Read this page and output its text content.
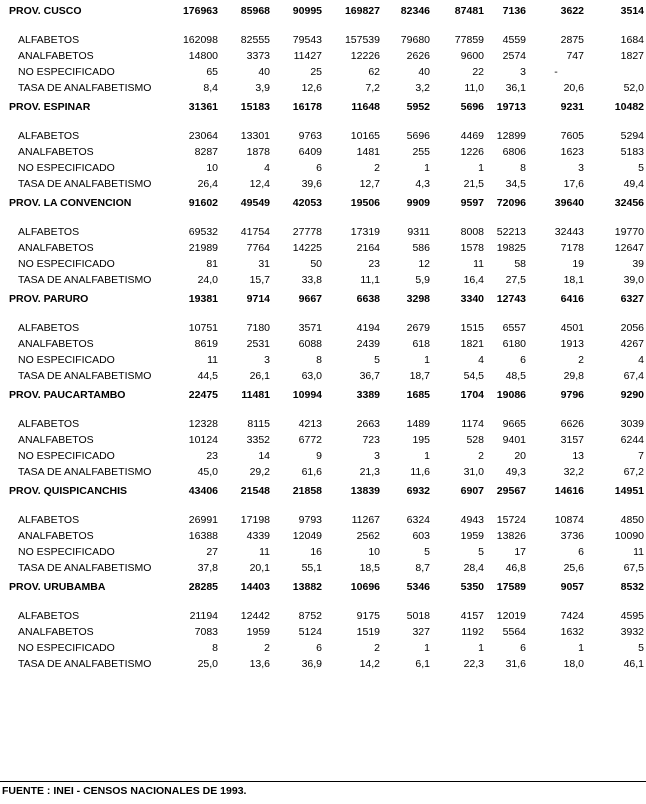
PROV. CUSCO	176963	85968	90995	169827	82346	87481	7136	3622	3514

ALFABETOS	162098	82555	79543	157539	79680	77859	4559	2875	1684
ANALFABETOS	14800	3373	11427	12226	2626	9600	2574	747	1827
NO ESPECIFICADO	65	40	25	62	40	22	3	-	
TASA DE ANALFABETISMO	8,4	3,9	12,6	7,2	3,2	11,0	36,1	20,6	52,0
PROV. ESPINAR	31361	15183	16178	11648	5952	5696	19713	9231	10482

ALFABETOS	23064	13301	9763	10165	5696	4469	12899	7605	5294
ANALFABETOS	8287	1878	6409	1481	255	1226	6806	1623	5183
NO ESPECIFICADO	10	4	6	2	1	1	8	3	5
TASA DE ANALFABETISMO	26,4	12,4	39,6	12,7	4,3	21,5	34,5	17,6	49,4
PROV. LA CONVENCION	91602	49549	42053	19506	9909	9597	72096	39640	32456

ALFABETOS	69532	41754	27778	17319	9311	8008	52213	32443	19770
ANALFABETOS	21989	7764	14225	2164	586	1578	19825	7178	12647
NO ESPECIFICADO	81	31	50	23	12	11	58	19	39
TASA DE ANALFABETISMO	24,0	15,7	33,8	11,1	5,9	16,4	27,5	18,1	39,0
PROV. PARURO	19381	9714	9667	6638	3298	3340	12743	6416	6327

ALFABETOS	10751	7180	3571	4194	2679	1515	6557	4501	2056
ANALFABETOS	8619	2531	6088	2439	618	1821	6180	1913	4267
NO ESPECIFICADO	11	3	8	5	1	4	6	2	4
TASA DE ANALFABETISMO	44,5	26,1	63,0	36,7	18,7	54,5	48,5	29,8	67,4
PROV. PAUCARTAMBO	22475	11481	10994	3389	1685	1704	19086	9796	9290

ALFABETOS	12328	8115	4213	2663	1489	1174	9665	6626	3039
ANALFABETOS	10124	3352	6772	723	195	528	9401	3157	6244
NO ESPECIFICADO	23	14	9	3	1	2	20	13	7
TASA DE ANALFABETISMO	45,0	29,2	61,6	21,3	11,6	31,0	49,3	32,2	67,2
PROV. QUISPICANCHIS	43406	21548	21858	13839	6932	6907	29567	14616	14951

ALFABETOS	26991	17198	9793	11267	6324	4943	15724	10874	4850
ANALFABETOS	16388	4339	12049	2562	603	1959	13826	3736	10090
NO ESPECIFICADO	27	11	16	10	5	5	17	6	11
TASA DE ANALFABETISMO	37,8	20,1	55,1	18,5	8,7	28,4	46,8	25,6	67,5
PROV. URUBAMBA	28285	14403	13882	10696	5346	5350	17589	9057	8532

ALFABETOS	21194	12442	8752	9175	5018	4157	12019	7424	4595
ANALFABETOS	7083	1959	5124	1519	327	1192	5564	1632	3932
NO ESPECIFICADO	8	2	6	2	1	1	6	1	5
TASA DE ANALFABETISMO	25,0	13,6	36,9	14,2	6,1	22,3	31,6	18,0	46,1
FUENTE : INEI - CENSOS NACIONALES DE 1993.
